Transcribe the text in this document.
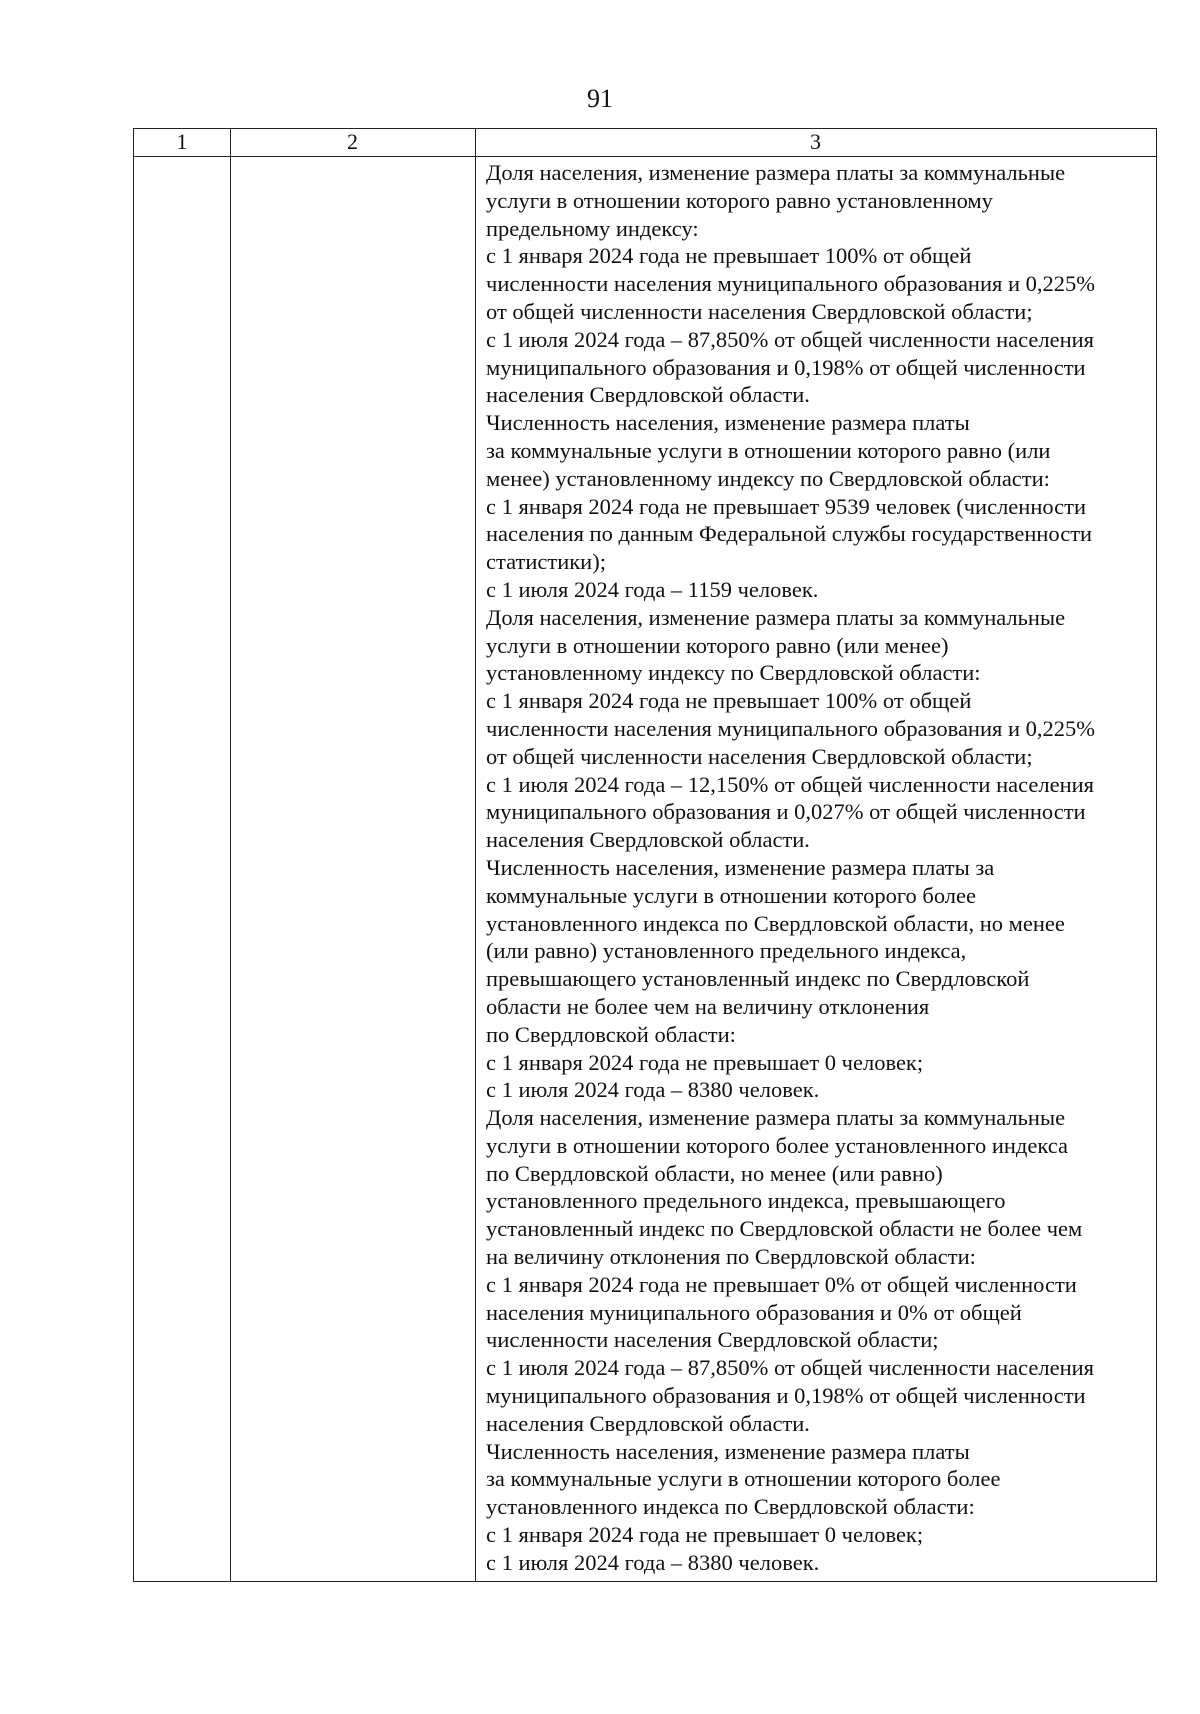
91
1	2	3
Доля населения, изменение размера платы за коммунальные
услуги в отношении которого равно установленному
предельному индексу:
с 1 января 2024 года не превышает 100% от общей
численности населения муниципального образования и 0,225%
от общей численности населения Свердловской области;
с 1 июля 2024 года – 87,850% от общей численности населения
муниципального образования и 0,198% от общей численности
населения Свердловской области.
Численность населения, изменение размера платы
за коммунальные услуги в отношении которого равно (или
менее) установленному индексу по Свердловской области:
с 1 января 2024 года не превышает 9539 человек (численности
населения по данным Федеральной службы государственности
статистики);
с 1 июля 2024 года – 1159 человек.
Доля населения, изменение размера платы за коммунальные
услуги в отношении которого равно (или менее)
установленному индексу по Свердловской области:
с 1 января 2024 года не превышает 100% от общей
численности населения муниципального образования и 0,225%
от общей численности населения Свердловской области;
с 1 июля 2024 года – 12,150% от общей численности населения
муниципального образования и 0,027% от общей численности
населения Свердловской области.
Численность населения, изменение размера платы за
коммунальные услуги в отношении которого более
установленного индекса по Свердловской области, но менее
(или равно) установленного предельного индекса,
превышающего установленный индекс по Свердловской
области не более чем на величину отклонения
по Свердловской области:
с 1 января 2024 года не превышает 0 человек;
с 1 июля 2024 года – 8380 человек.
Доля населения, изменение размера платы за коммунальные
услуги в отношении которого более установленного индекса
по Свердловской области, но менее (или равно)
установленного предельного индекса, превышающего
установленный индекс по Свердловской области не более чем
на величину отклонения по Свердловской области:
с 1 января 2024 года не превышает 0% от общей численности
населения муниципального образования и 0% от общей
численности населения Свердловской области;
с 1 июля 2024 года – 87,850% от общей численности населения
муниципального образования и 0,198% от общей численности
населения Свердловской области.
Численность населения, изменение размера платы
за коммунальные услуги в отношении которого более
установленного индекса по Свердловской области:
с 1 января 2024 года не превышает 0 человек;
с 1 июля 2024 года – 8380 человек.
